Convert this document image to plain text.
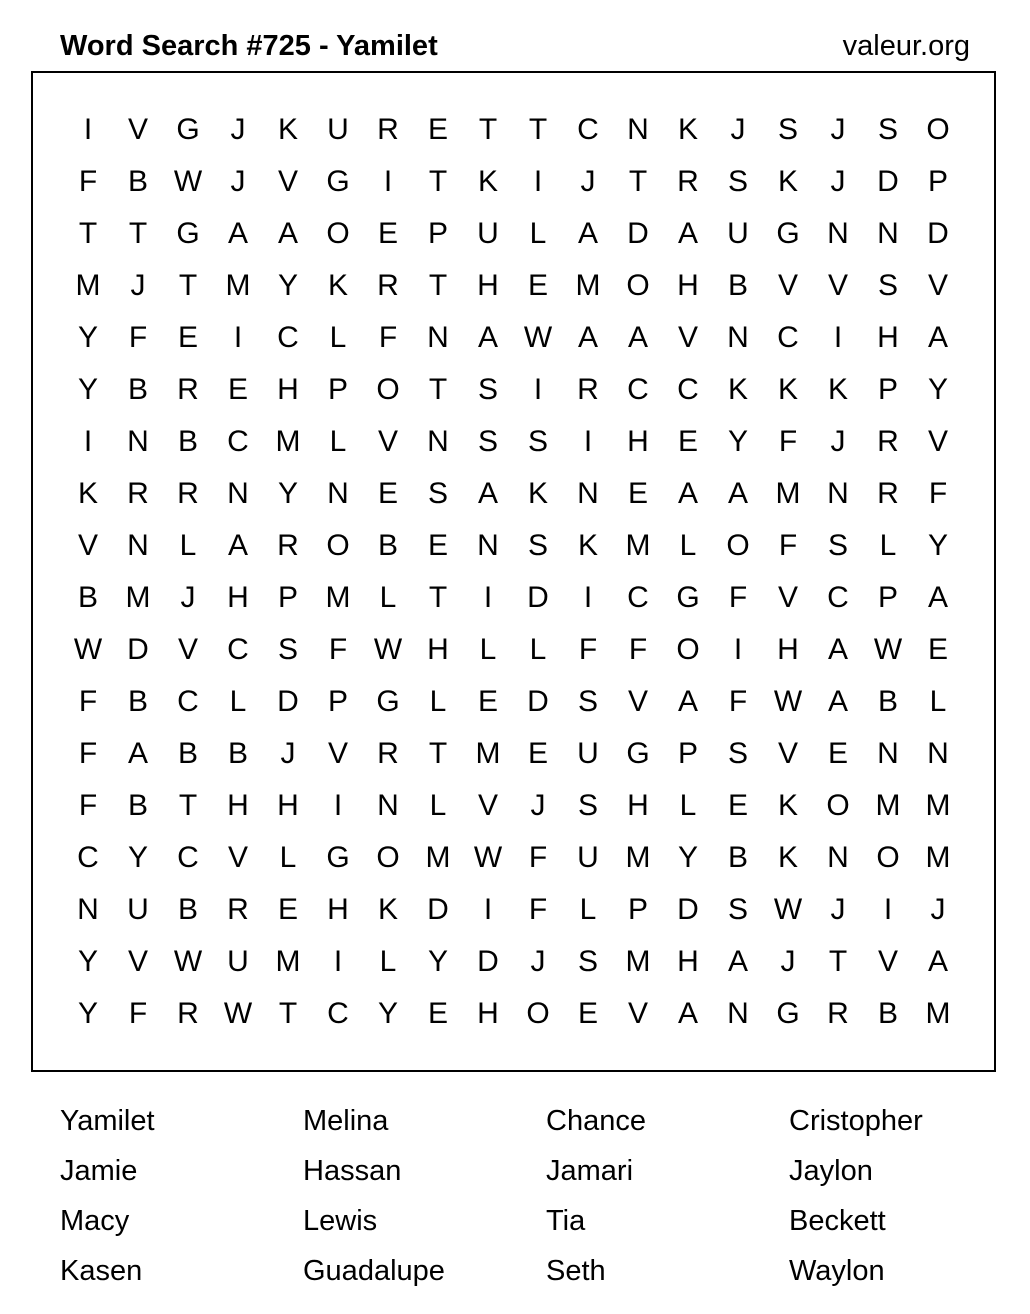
Word Search #725 - Yamilet	valeur.org
I	V G	J	K U R E	T	T	C N K	J	S	J	S O
F	B W J	V G	I	T	K	I	J	T	R S K	J	D P
T	T G A A O E P U	L	A D A U G N N D
M	J	T M Y K R	T	H E M O H B V V S V
Y	F	E	I	C	L	F	N A W A A V N C	I	H A
Y B R E H P O T	S	I	R C C K K K P Y
I	N B C M L	V N S S	I	H E Y	F	J	R V
K R R N Y N E S A K N E A A M N R	F
V N	L	A R O B E N S K M L O F	S	L	Y
B M	J	H P M L	T	I	D	I	C G F	V C P A
W D V C S	F W H	L	L	F	F O	I	H A W E
F	B C	L	D P G L	E D S V A	F W A B	L
F	A B B	J	V R	T M E U G P S V E N N
F	B	T	H H	I	N	L	V	J	S H	L	E K O M M
C Y C V	L G O M W F	U M Y B K N O M
N U B R E H K D	I	F	L	P D S W J	I	J
Y V W U M	I	L	Y D	J	S M H A	J	T	V A
Y	F	R W T	C Y E H O E V A N G R B M
Yamilet	Melina	Chance	Cristopher
Jamie	Hassan	Jamari	Jaylon
Macy	Lewis	Tia	Beckett
Kasen	Guadalupe	Seth	Waylon
